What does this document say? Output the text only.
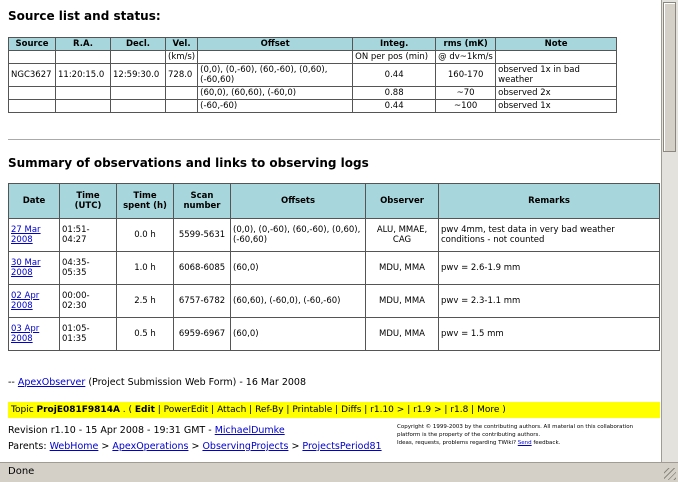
Source list and status:
Source	R.A.	Decl.	Vel.	Offset	Integ.	rms (mK)	Note
			(km/s)		ON per pos (min)	@ dv~1km/s	
NGC3627	11:20:15.0	12:59:30.0	728.0	(0,0), (0,-60), (60,-60), (0,60), (-60,60)	0.44	160-170	observed 1x in bad weather
				(60,0), (60,60), (-60,0)	0.88	~70	observed 2x
				(-60,-60)	0.44	~100	observed 1x
Summary of observations and links to observing logs
Date	Time (UTC)	Time spent (h)	Scan number	Offsets	Observer	Remarks
27 Mar 2008	01:51-04:27	0.0 h	5599-5631	(0,0), (0,-60), (60,-60), (0,60), (-60,60)	ALU, MMAE, CAG	pwv 4mm, test data in very bad weather conditions - not counted
30 Mar 2008	04:35-05:35	1.0 h	6068-6085	(60,0)	MDU, MMA	pwv = 2.6-1.9 mm
02 Apr 2008	00:00-02:30	2.5 h	6757-6782	(60,60), (-60,0), (-60,-60)	MDU, MMA	pwv = 2.3-1.1 mm
03 Apr 2008	01:05-01:35	0.5 h	6959-6967	(60,0)	MDU, MMA	pwv = 1.5 mm
-- ApexObserver (Project Submission Web Form) - 16 Mar 2008
Topic ProjE081F9814A . ( Edit | PowerEdit | Attach | Ref-By | Printable | Diffs | r1.10 > | r1.9 > | r1.8 | More )
Revision r1.10 - 15 Apr 2008 - 19:31 GMT - MichaelDumke
Parents: WebHome > ApexOperations > ObservingProjects > ProjectsPeriod81
Copyright © 1999-2003 by the contributing authors. All material on this collaboration
platform is the property of the contributing authors.
Ideas, requests, problems regarding TWiki? Send feedback.
Done
